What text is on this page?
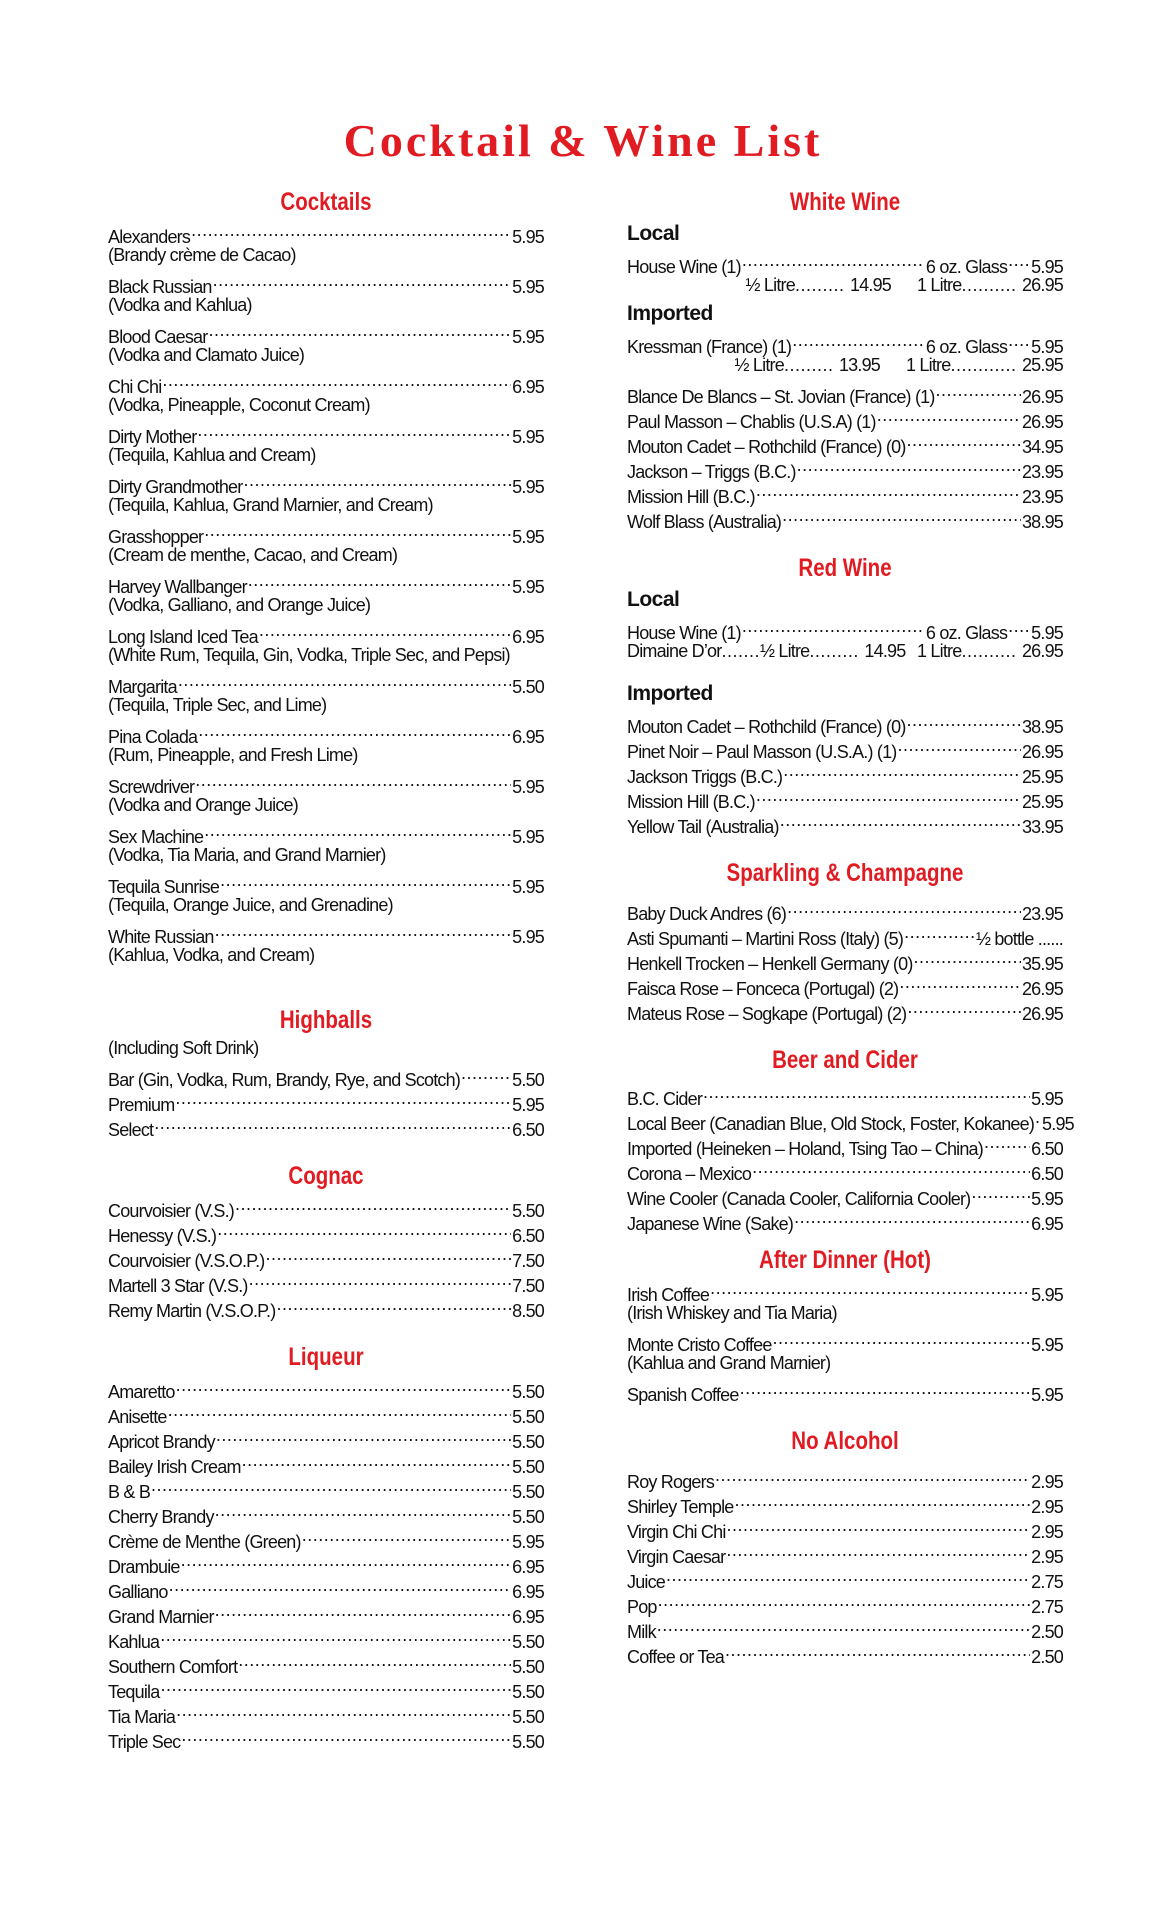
Cocktail & Wine List
Cocktails
Alexanders .....	5.95
(Brandy crème de Cacao)
Black Russian .....	5.95
(Vodka and Kahlua)
Blood Caesar .....	5.95
(Vodka and Clamato Juice)
Chi Chi .....	6.95
(Vodka, Pineapple, Coconut Cream)
Dirty Mother .....	5.95
(Tequila, Kahlua and Cream)
Dirty Grandmother .....	5.95
(Tequila, Kahlua, Grand Marnier, and Cream)
Grasshopper .....	5.95
(Cream de menthe, Cacao, and Cream)
Harvey Wallbanger .....	5.95
(Vodka, Galliano, and Orange Juice)
Long Island Iced Tea .....	6.95
(White Rum, Tequila, Gin, Vodka, Triple Sec, and Pepsi)
Margarita .....	5.50
(Tequila, Triple Sec, and Lime)
Pina Colada .....	6.95
(Rum, Pineapple, and Fresh Lime)
Screwdriver .....	5.95
(Vodka and Orange Juice)
Sex Machine .....	5.95
(Vodka, Tia Maria, and Grand Marnier)
Tequila Sunrise .....	5.95
(Tequila, Orange Juice, and Grenadine)
White Russian .....	5.95
(Kahlua, Vodka, and Cream)
Highballs
(Including Soft Drink)
Bar (Gin, Vodka, Rum, Brandy, Rye, and Scotch) .....	5.50
Premium .....	5.95
Select .....	6.50
Cognac
Courvoisier (V.S.) .....	5.50
Henessy (V.S.) .....	6.50
Courvoisier (V.S.O.P.) .....	7.50
Martell 3 Star (V.S.) .....	7.50
Remy Martin (V.S.O.P.) .....	8.50
Liqueur
Amaretto .....	5.50
Anisette .....	5.50
Apricot Brandy .....	5.50
Bailey Irish Cream .....	5.50
B & B .....	5.50
Cherry Brandy .....	5.50
Crème de Menthe (Green) .....	5.95
Drambuie .....	6.95
Galliano .....	6.95
Grand Marnier .....	6.95
Kahlua .....	5.50
Southern Comfort .....	5.50
Tequila .....	5.50
Tia Maria .....	5.50
Triple Sec .....	5.50
White Wine
Local
House Wine (1) .....	6 oz. Glass ..... 5.95
½ Litre ......... 14.95 1 Litre .......... 26.95
Imported
Kressman (France) (1) .....	6 oz. Glass ..... 5.95
½ Litre ......... 13.95 1 Litre ............ 25.95
Blance De Blancs – St. Jovian (France) (1) .....	26.95
Paul Masson – Chablis (U.S.A) (1) .....	26.95
Mouton Cadet – Rothchild (France) (0) .....	34.95
Jackson – Triggs (B.C.) .....	23.95
Mission Hill (B.C.) .....	23.95
Wolf Blass (Australia) .....	38.95
Red Wine
Local
House Wine (1) .....	6 oz. Glass ..... 5.95
Dimaine D’or ....... ½ Litre ......... 14.95 1 Litre .......... 26.95
Imported
Mouton Cadet – Rothchild (France) (0) .....	38.95
Pinet Noir – Paul Masson (U.S.A.) (1) .....	26.95
Jackson Triggs (B.C.) .....	25.95
Mission Hill (B.C.) .....	25.95
Yellow Tail (Australia) .....	33.95
Sparkling & Champagne
Baby Duck Andres (6) .....	23.95
Asti Spumanti – Martini Ross (Italy) (5) .....	½ bottle ......
Henkell Trocken – Henkell Germany (0) .....	35.95
Faisca Rose – Fonceca (Portugal) (2) .....	26.95
Mateus Rose – Sogkape (Portugal) (2) .....	26.95
Beer and Cider
B.C. Cider .....	5.95
Local Beer (Canadian Blue, Old Stock, Foster, Kokanee) ..... 5.95
Imported (Heineken – Holand, Tsing Tao – China) .....	6.50
Corona – Mexico .....	6.50
Wine Cooler (Canada Cooler, California Cooler) .....	5.95
Japanese Wine (Sake) .....	6.95
After Dinner (Hot)
Irish Coffee .....	5.95
(Irish Whiskey and Tia Maria)
Monte Cristo Coffee .....	5.95
(Kahlua and Grand Marnier)
Spanish Coffee .....	5.95
No Alcohol
Roy Rogers .....	2.95
Shirley Temple .....	2.95
Virgin Chi Chi .....	2.95
Virgin Caesar .....	2.95
Juice .....	2.75
Pop .....	2.75
Milk .....	2.50
Coffee or Tea .....	2.50
